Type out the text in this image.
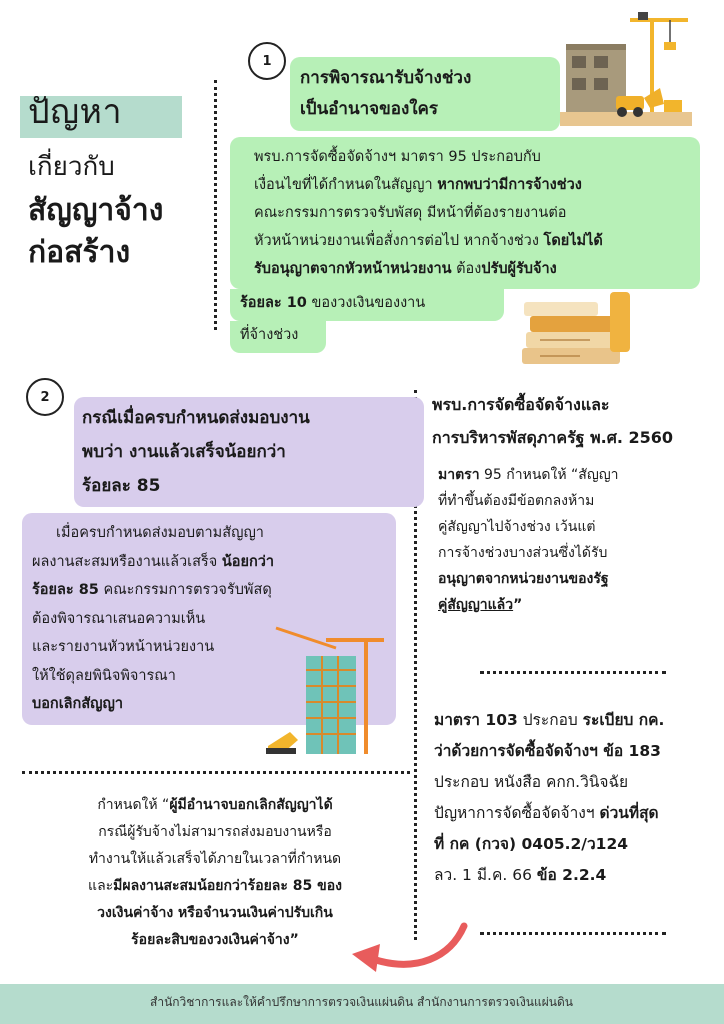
ปัญหา
เกี่ยวกับ
สัญญาจ้าง
ก่อสร้าง
1
การพิจารณารับจ้างช่วง
เป็นอำนาจของใคร
พรบ.การจัดซื้อจัดจ้างฯ มาตรา 95 ประกอบกับ
เงื่อนไขที่ได้กำหนดในสัญญา หากพบว่ามีการจ้างช่วง
คณะกรรมการตรวจรับพัสดุ มีหน้าที่ต้องรายงานต่อ
หัวหน้าหน่วยงานเพื่อสั่งการต่อไป หากจ้างช่วง โดยไม่ได้
รับอนุญาตจากหัวหน้าหน่วยงาน ต้องปรับผู้รับจ้าง
ร้อยละ 10 ของวงเงินของงาน
ที่จ้างช่วง
2
กรณีเมื่อครบกำหนดส่งมอบงาน
พบว่า งานแล้วเสร็จน้อยกว่า
ร้อยละ 85
เมื่อครบกำหนดส่งมอบตามสัญญา
ผลงานสะสมหรืองานแล้วเสร็จ น้อยกว่า
ร้อยละ 85 คณะกรรมการตรวจรับพัสดุ
ต้องพิจารณาเสนอความเห็น
และรายงานหัวหน้าหน่วยงาน
ให้ใช้ดุลยพินิจพิจารณา
บอกเลิกสัญญา
พรบ.การจัดซื้อจัดจ้างและ
การบริหารพัสดุภาครัฐ พ.ศ. 2560
มาตรา 95 กำหนดให้ “สัญญา
ที่ทำขึ้นต้องมีข้อตกลงห้าม
คู่สัญญาไปจ้างช่วง เว้นแต่
การจ้างช่วงบางส่วนซึ่งได้รับ
อนุญาตจากหน่วยงานของรัฐ
คู่สัญญาแล้ว”
มาตรา 103 ประกอบ ระเบียบ กค.
ว่าด้วยการจัดซื้อจัดจ้างฯ ข้อ 183
ประกอบ หนังสือ คกก.วินิจฉัย
ปัญหาการจัดซื้อจัดจ้างฯ ด่วนที่สุด
ที่ กค (กวจ) 0405.2/ว124
ลว. 1 มี.ค. 66 ข้อ 2.2.4
กำหนดให้ “ผู้มีอำนาจบอกเลิกสัญญาได้
กรณีผู้รับจ้างไม่สามารถส่งมอบงานหรือ
ทำงานให้แล้วเสร็จได้ภายในเวลาที่กำหนด
และมีผลงานสะสมน้อยกว่าร้อยละ 85 ของ
วงเงินค่าจ้าง หรือจำนวนเงินค่าปรับเกิน
ร้อยละสิบของวงเงินค่าจ้าง”
สำนักวิชาการและให้คำปรึกษาการตรวจเงินแผ่นดิน สำนักงานการตรวจเงินแผ่นดิน
